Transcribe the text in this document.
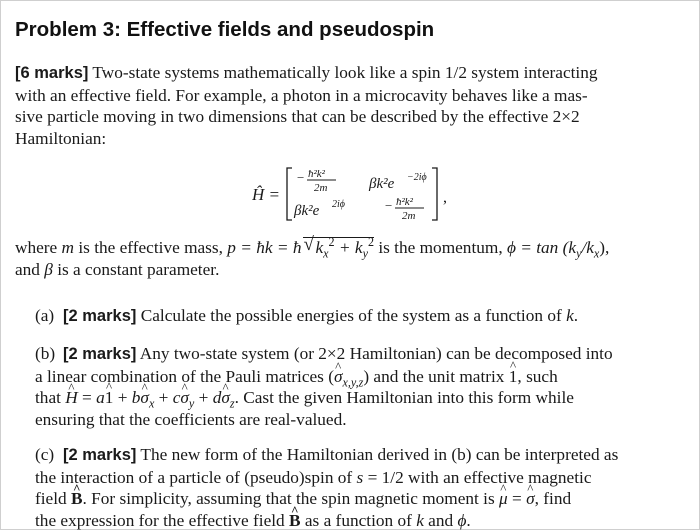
Problem 3: Effective fields and pseudospin

[6 marks] Two-state systems mathematically look like a spin 1/2 system interacting
with an effective field. For example, a photon in a microcavity behaves like a mas-
sive particle moving in two dimensions that can be described by the effective 2×2
Hamiltonian:

Ĥ =
− ħ²k²
2m	βk²e −2iϕ
βk²e 2iϕ	− ħ²k²
2m
,

where m is the effective mass, p = ħk = ħ √ $k_x^2 + k_y^2$ is the momentum, $\phi = \tan (k_y/k_x)$,
and β is a constant parameter.

(a) [2 marks] Calculate the possible energies of the system as a function of k.

(b) [2 marks] Any two-state system (or 2×2 Hamiltonian) can be decomposed into
a linear combination of the Pauli matrices (^ $\sigma_{x,y,z}$) and the unit matrix ^ 1, such
that ^ H = a^ 1 + b^ $\sigma_x$ + c^ $\sigma_y$ + d^ $\sigma_z$. Cast the given Hamiltonian into this form while
ensuring that the coefficients are real-valued.
(c) [2 marks] The new form of the Hamiltonian derived in (b) can be interpreted as
the interaction of a particle of (pseudo)spin of s = 1/2 with an effective magnetic
field ^ B. For simplicity, assuming that the spin magnetic moment is ^ μ = ^ σ, find
the expression for the effective field ^ B as a function of k and ϕ.
